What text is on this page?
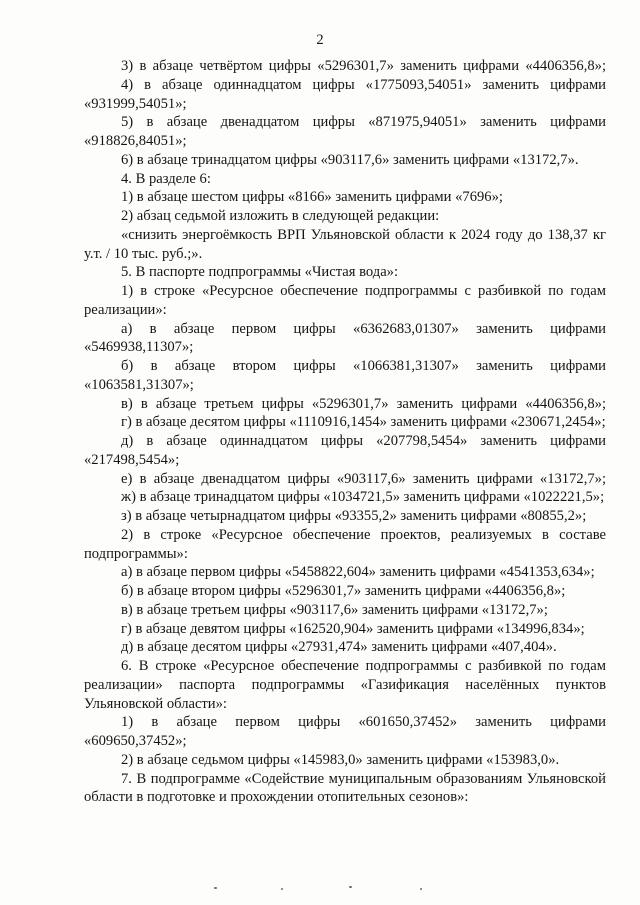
2

3) в абзаце четвёртом цифры «5296301,7» заменить цифрами «4406356,8»;

4) в абзаце одиннадцатом цифры «1775093,54051» заменить цифрами «931999,54051»;

5) в абзаце двенадцатом цифры «871975,94051» заменить цифрами «918826,84051»;

6) в абзаце тринадцатом цифры «903117,6» заменить цифрами «13172,7».

4. В разделе 6:

1) в абзаце шестом цифры «8166» заменить цифрами «7696»;

2) абзац седьмой изложить в следующей редакции:

«снизить энергоёмкость ВРП Ульяновской области к 2024 году до 138,37 кг у.т. / 10 тыс. руб.;».

5. В паспорте подпрограммы «Чистая вода»:

1) в строке «Ресурсное обеспечение подпрограммы с разбивкой по годам реализации»:

а) в абзаце первом цифры «6362683,01307» заменить цифрами «5469938,11307»;

б) в абзаце втором цифры «1066381,31307» заменить цифрами «1063581,31307»;

в) в абзаце третьем цифры «5296301,7» заменить цифрами «4406356,8»;

г) в абзаце десятом цифры «1110916,1454» заменить цифрами «230671,2454»;

д) в абзаце одиннадцатом цифры «207798,5454» заменить цифрами «217498,5454»;

е) в абзаце двенадцатом цифры «903117,6» заменить цифрами «13172,7»;

ж) в абзаце тринадцатом цифры «1034721,5» заменить цифрами «1022221,5»;

з) в абзаце четырнадцатом цифры «93355,2» заменить цифрами «80855,2»;

2) в строке «Ресурсное обеспечение проектов, реализуемых в составе подпрограммы»:

а) в абзаце первом цифры «5458822,604» заменить цифрами «4541353,634»;

б) в абзаце втором цифры «5296301,7» заменить цифрами «4406356,8»;

в) в абзаце третьем цифры «903117,6» заменить цифрами «13172,7»;

г) в абзаце девятом цифры «162520,904» заменить цифрами «134996,834»;

д) в абзаце десятом цифры «27931,474» заменить цифрами «407,404».

6. В строке «Ресурсное обеспечение подпрограммы с разбивкой по годам реализации» паспорта подпрограммы «Газификация населённых пунктов Ульяновской области»:

1) в абзаце первом цифры «601650,37452» заменить цифрами «609650,37452»;

2) в абзаце седьмом цифры «145983,0» заменить цифрами «153983,0».

7. В подпрограмме «Содействие муниципальным образованиям Ульяновской области в подготовке и прохождении отопительных сезонов»:
